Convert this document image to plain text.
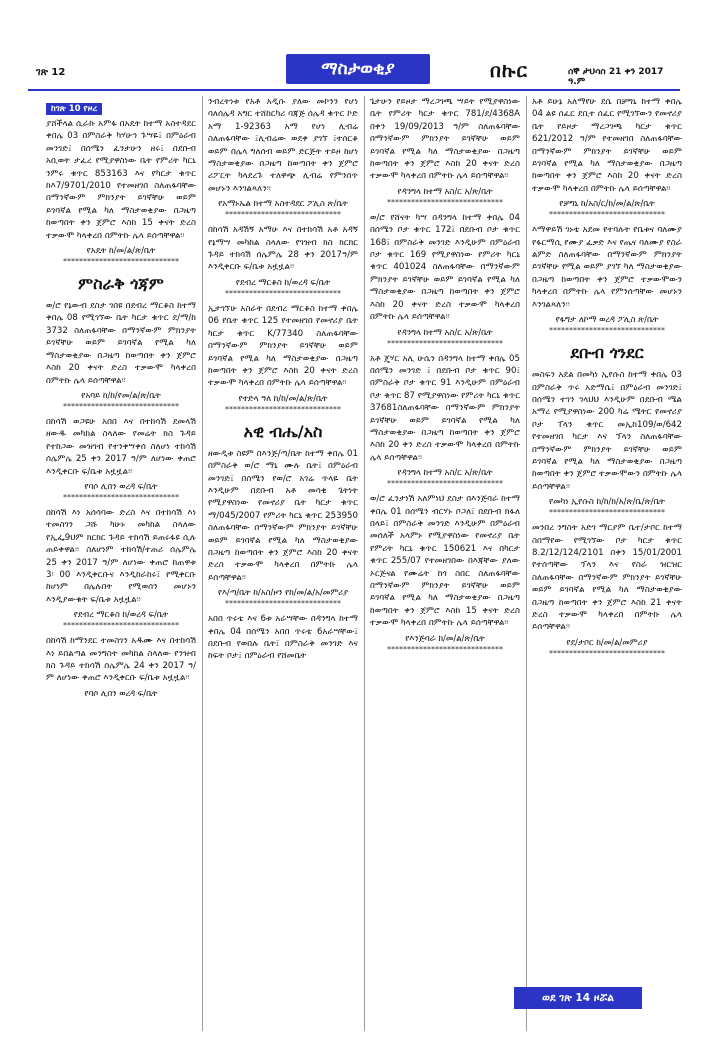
ገጽ 12	ማስታወቂያ	በኩር	ሰኞ ታህሳስ 21 ቀን 2017 ዓ.ም
ከገጽ 10 የዞረ

ያሸችላል ሲራኩ አምፋ በአዴት ከተማ አስተዳደር ቀበሌ 03 በምስራቅ ካሃሁኅ ጉሣዬ፤ በምዕራብ መንገድ፤ በሰሜን ፈንታሁን ዘሩ፤ በደቡብ አቢወት ታፈረ የሚያዋስነው ቤት የምሪት ካርኒ ንምሩ ቁጥር 853163 እና የካርታ ቁጥር ከእ7/9701/2010 የተመዘገበ ስለጠፋባቸው በማንኛውም ምክንያት ይገኛቸሁ ወይም ይገባኛል የሚል ካለ ማስታወቂያው በጋዜጣ ከወጣበት ቀን ጀምሮ እስከ 15 ቀናት ድረስ ተቃውሞ ካላቀረበ በምትኩ ሌላ ይሰጣቸዋል፡፡

የአዴት ከ/መ/ል/ጽ/ቤት

*****************************

ምስራቅ ጎጃም

ወ/ሮ የኔውብ ደስታ ገበዩ በደብረ ማርቆስ ከተማ ቀበሌ 08 የሚገኘው ቤት ካርታ ቁጥር ደ/ማ/ከ 3732 ስለጠፋባቸው በማንኛውም ምክንያት ይገኛቸሁ ወይም ይገባኛል የሚል ካለ ማስታወቂያው በጋዜጣ ከወጣበት ቀን ጀምሮ እስከ 20 ቀናት ድረስ ተቃውሞ ካላቀረበ በምትኩ ሌላ ይሰጣቸዋል፡፡

የአባይ ከ/ከ/የመ/ል/ጽ/ቤት

*****************************

በከሳሽ ወጋዩሁ አበበ እና በተከሳሽ ደመላሽ ዘውዱ መካከል ስላለው የመሬት ክስ ጉዳይ የተከጋው መዝገብ የተንቀሣቀሰ ስለሆነ ተከሳሽ ሰሌምሌ 25 ቀን 2017 ዓ/ም ለሆነው ቀጠሮ እንዲቀርቡ ፍ/ቤቱ አዟዟል፡፡

የባሶ ሊበን ወረዳ ፍ/ቤት

*****************************

በከሳሽ እነ አሰሳባው ድረስ እና በተከሳሽ እነ ተመስገን ጋሹ ካሁኑ መካከል ስላለው የኢፌ9ህም ክርክር ጉዳይ ተከሳሽ ይጠሩፋዩ ሲሉ ጠይቀዋል፡፡ ስለሆነም ተከሳሽ/ተጠሪ ሰሌምሌ 25 ቀን 2017 ዓ/ም ለሆነው ቀጠሮ ከጠዋቱ 3፡ 00 እንዲቀርቡና እንዲከራከሩ፤ የሚቀርቡ ከሆነም በሌሉበት የሚወሰን መሆኑን እንዲያውቁት ፍ/ቤቱ አዟዟል፡፡

የደብረ ማርቆስ ከ/ወረዳ ፍ/ቤት

*****************************

በከሳሽ ከማንደር ተመስገን አዱሙ እና በተከሳሽ እነ ይበልጣል መንግስት መካከል ስላለው የንዝብ ክስ ጉዳይ ተከሳሽ ሰሌምሌ 24 ቀን 2017 ዓ/ም ለሆነው ቀጠሮ እንዲቀርቡ ፍ/ቤቱ አዟዟል፡፡

የባሶ ሊበን ወረዳ ፍ/ቤት

ንብረትነቱ የአቶ አዲሱ ያለው መኮንን የሆነ ባለሰሌዳ አግር ተሸከርካሪ ባጃጅ ሰሌዳ ቁጥር ኮድ አማ 1-92363 አማ የሆነ ሊብሬ ስለጠፋባቸው ፤ሊብሬው ወደቀ ያገኘ ፤ተሰርቆ ወይም በሌላ ግለሰብ ወይም ድርጅት ተይዞ ከሆነ ማስታወቂያው በጋዜጣ ከወጣበት ቀን ጀምሮ ሪፖርት ካላደረጉ ተለዋጭ ሊብሬ የምንሰጥ መሆኑን እንገልጻለን፡፡

የአማኑኤል ከተማ አስተዳደር ፖሊስ ጽ/ቤት

*****************************

በከሳሽ አዳሽኝ አማሁ እና በተከሳሽ አቶ አዳኝ የኔማሣ መካከል ስላለው የገዝብ ክስ ክርክር ጉዳይ ተከሳሽ ሰሌምሌ 28 ቀን 2017ዓ/ም እንዲቀርቡ ፍ/ቤቱ አዟዟል፡፡

የደብረ ማርቆስ ከ/ወረዳ ፍ/ቤት

*****************************

ኢታገኘሁ አስራት በደብረ ማርቆስ ከተማ ቀበሌ 06 የቤት ቁጥር 125 የተመዘገበ የመኖሪያ ቤት ካርታ ቁጥር K/77340 ስለጠፋባቸው በማንኛውም ምክንያት ይገኛቸሁ ወይም ይገባኛል የሚል ካለ ማስታወቂያው በጋዜጣ ከወጣበት ቀን ጀምሮ እስከ 20 ቀናት ድረስ ተቃውሞ ካላቀረበ በምትኩ ሌላ ይሰጣቸዋል፡፡

የተድላ ዓለ ከ/ከ/መ/ል/ጽ/ቤት

*****************************

አዊ ብሔ/አስ

ዘውዲቱ ስዩም በእንጅ/ጣ/ቤት ከተማ ቀበሌ 01 በምስራቅ ወ/ሮ ማኒ ሙሉ ቤት፤ በምዕራብ መንገድ፤ በሰሜን የወ/ሮ አገሬ ጥላዬ ቤት እንዲሁም በደቡብ አቶ መሳቂ ጌትነት የሚያዋስነው የመኖሪያ ቤት ካርታ ቁጥር ማ/045/2007 የምሪት ካርኒ ቁጥር 253950 ስለጠፋባቸው በማንኛውም ምክንያት ይገኛቸሁ ወይም ይገባኛል የሚል ካለ ማስታወቂያው በጋዜጣ ከወጣበት ቀን ጀምሮ እስከ 20 ቀናት ድረስ ተቃውሞ ካላቀረበ በምትኩ ሌላ ይሰጣቸዋል፡፡

የእ/ጣ/ቤት ከ/አስ/ዞን የከ/መ/ል/አ/መምሪያ

*****************************

አበበ ጥሩቴ እና 6ቱ አራሣቸው በዳንግላ ከተማ ቀበሌ 04 በሰሜን አበበ ጥሩቴ 6አራሣቸው፤ በደቡብ የወበሉ ቤት፤ በምስራቅ መንገድ እና ከፍት ቦታ፤ በምዕራብ የሸመቤት

ጌታሁን የይዞታ ማረጋገጫ ሣይት የሚያዋስነው ቤት የምሪት ካርታ ቁጥር 781/ደ/4368A በቀን 19/09/2013 ዓ/ም ስለጠፋባቸው በማንኛውም ምክንያት ይገኛቸሁ ወይም ይገባኛል የሚል ካለ ማስታወቂያው በጋዜጣ ከወጣበት ቀን ጀምሮ እስከ 20 ቀናት ድረስ ተቃውሞ ካላቀረበ በምትኩ ሌላ ይሰጣቸዋል፡፡

የዳንግላ ከተማ አስ/ር አ/ጽ/ቤት

*****************************

ወ/ሮ የሸናት ካሣ በዳንግላ ከተማ ቀበሌ 04 በሰሜን ቦታ ቁጥር 172፤ በደቡብ ቦታ ቁጥር 168፤ በምስራቅ መንገድ እንዲሁም በምዕራብ ቦታ ቁጥር 169 የሚያዋስነው የምሪት ካርኒ ቁጥር 401024 ስለጠፋባቸው በማንኛውም ምክንያት ይገኛቸሁ ወይም ይገባኛል የሚል ካለ ማስታወቂያው በጋዜጣ ከወጣበት ቀን ጀምሮ እስከ 20 ቀናት ድረስ ተቃውሞ ካላቀረበ በምትኩ ሌላ ይሰጣቸዋል፡፡

የዳንግላ ከተማ አስ/ር አ/ጽ/ቤት

*****************************

አቶ ጄሃር አሊ ሁሴን በዳንግላ ከተማ ቀበሌ 05 በሰሜን መንገድ ፤ በደቡብ ቦታ ቁጥር 90፤ በምስራቅ ቦታ ቁጥር 91 እንዲሁም በምዕራብ ቦታ ቁጥር 87 የሚያዋስነው የምሪት ካርኒ ቁጥር 37681ስለጠፋባቸው በማንኛውም ምክንያት ይገኛቸሁ ወይም ይገባኛል የሚል ካለ ማስታወቂያው በጋዜጣ ከወጣበት ቀን ጀምሮ እስከ 20 ቀን ድረስ ተቃውሞ ካላቀረበ በምትኩ ሌላ ይሰጣቸዋል፡፡

የዳንግላ ከተማ አስ/ር አ/ጽ/ቤት

*****************************

ወ/ሮ ፈንታነሽ አለምነህ ደስታ በእንጅባራ ከተማ ቀበሌ 01 በሰሜን ብርሃኑ ቦጋለ፤ በደቡብ ክፋለ በላይ፤ በምስራቅ መንገድ እንዲሁም በምዕራብ መሰለች አላምኑ የሚያዋስነው የመኖሪያ ቤት የምሪት ካርኒ ቁጥር 150621 እና በካርታ ቁጥር 255/07 የተመዘገበው በእጃቸው ያለው ኦርጅናል የሙሬት ከጎ ስበር ስለጠፋባቸው በማንኛውም ምክንያት ይገኛቸሁ ወይም ይገባኛል የሚል ካለ ማስታወቂያው በጋዜጣ ከወጣበት ቀን ጀምሮ እስከ 15 ቀናት ድረስ ተቃውሞ ካላቀረበ በምትኩ ሌላ ይሰጣቸዋል፡፡

የእንጅባራ ከ/መ/ል/ጽ/ቤት

*****************************

አቶ ይሁኔ አለማየሁ ደሴ በቻግኒ ከተማ ቀበሌ 04 ልዩ ሰፈር ደቢተ ሰፈር የሚገኘውን የመኖሪያ ቤት የይዞታ ማረጋገጫ ካርታ ቁጥር 621/2012 ዓ/ም የተመዘገበ ስለጠፋባቸው በማንኛውም ምክንያት ይገኛቸሁ ወይም ይገባኛል የሚል ካለ ማስታወቂያው በጋዜጣ ከወጣበት ቀን ጀምሮ እስከ 20 ቀናት ድረስ ተቃውሞ ካላቀረበ በምትኩ ሌላ ይሰጣቸዋል፡፡

የቻግኒ ከ/አስ/ር/ከ/መ/ል/ጽ/ቤት

*****************************

እማዋይሽ ገኑቴ አደመ የተባሉት የቤቱና ባለሙያ የፋርማሲ የሙያ ፈቃድ እና የጤና ባለሙያ የስራ ልምድ ስለጠፋባቸው በማንኛውም ምክንያት ይገኛቸሁ የሚል ወይም ያገኘ ካለ ማስታወቂያው በጋዜጣ ከወጣበት ቀን ጀምሮ ተቃውሞውን ካላቀረበ በምትኩ ሌላ የምንሰጣቸው መሆኑን እንገልጻለን፡፡

የፋግታ ለኮማ ወረዳ ፖሊስ ጽ/ቤት

*****************************

ደቡብ ጎንደር

መስፍን አደል በመካነ ኢየሱስ ከተማ ቀበሌ 03 በምስራቅ ጥሩ አድማሴ፤ በምዕራብ መንገድ፤ በሰሜን ተገን ገላህህ እንዲሁም በደቡብ ሜል አማረ የሚያዋስነው 200 ካሬ ሜትር የመኖሪያ ቦታ ፐላን ቁጥር መኢከ109/ወ/642 የተመዘገበ ካርታ እና ፕላን ስለጠፋባቸው በማንኛውም ምክንያት ይገኛቸሁ ወይም ይገባኛል የሚል ካለ ማስታወቂያው በጋዜጣ ከወጣበት ቀን ጀምሮ ተቃውሞውን በምትኩ ሌላ ይሰጣቸዋል፡፡

የመካነ ኢየሱስ ከ/ከ/ክ/አ/ጽ/ቤ/ጽ/ቤት

*****************************

መንበረ ንግስት አድገ ማርያም ቤተ/ታቦር ከተማ ስበማየው የሚገኘው ቦታ ካርታ ቁጥር 8.2/12/124/2101 በቀን 15/01/2001 የተሰጣቸው ፕላን እና የስራ ዝርዝር ስለጠፋባቸው በማንኛውም ምክንያት ይገኛቸሁ ወይም ይገባኛል የሚል ካለ ማስታወቂያው በጋዜጣ ከወጣበት ቀን ጀምሮ እስከ 21 ቀናት ድረስ ተቃውሞ ካላቀረበ በምትኩ ሌላ ይሰጣቸዋል፡፡

የደ/ታቦር ከ/መ/ል/መምሪያ

*****************************

ወደ ገጽ 14 ዞሯል
